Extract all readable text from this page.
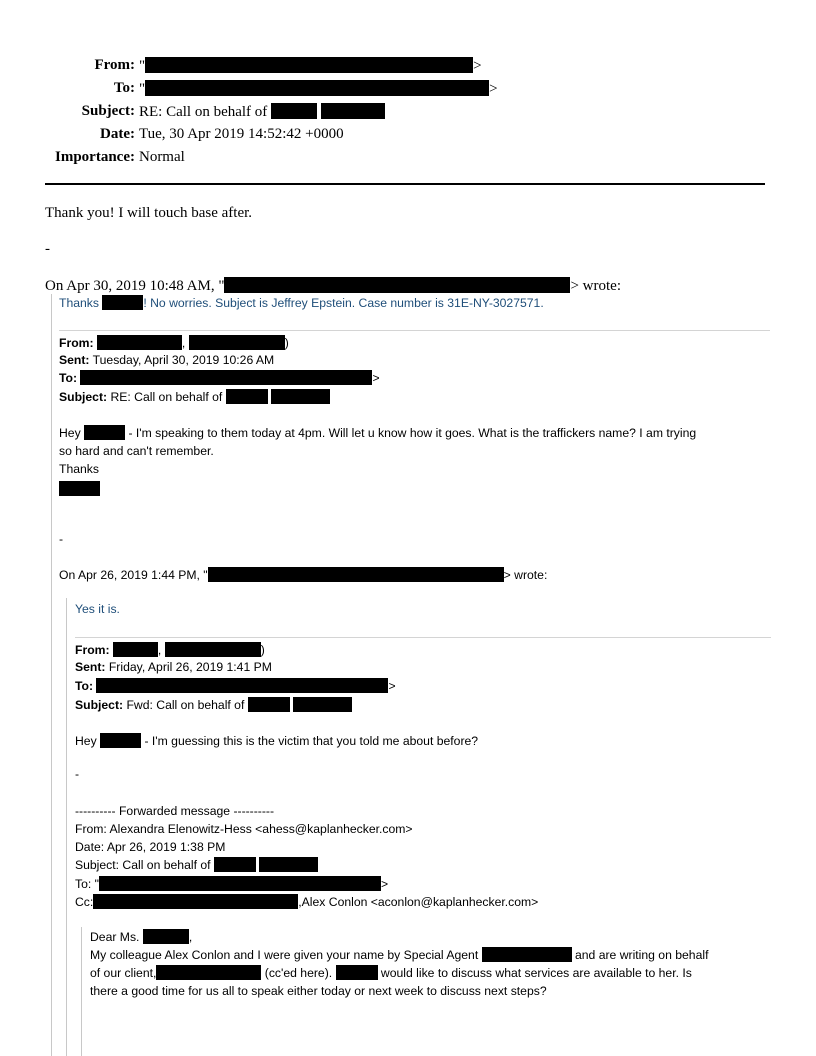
From:	" >
To:	" >
Subject:	RE: Call on behalf of
Date:	Tue, 30 Apr 2019 14:52:42 +0000
Importance:	Normal
Thank you! I will touch base after.
-
On Apr 30, 2019 10:48 AM, "	> wrote:
Thanks	! No worries. Subject is Jeffrey Epstein. Case number is 31E-NY-3027571.
From:	,	)
Sent: Tuesday, April 30, 2019 10:26 AM
To:	>
Subject: RE: Call on behalf of
Hey	- I'm speaking to them today at 4pm. Will let u know how it goes. What is the traffickers name? I am trying
so hard and can't remember.
Thanks
-
On Apr 26, 2019 1:44 PM, "	> wrote:
Yes it is.
From:	,	)
Sent: Friday, April 26, 2019 1:41 PM
To:	>
Subject: Fwd: Call on behalf of
Hey	- I'm guessing this is the victim that you told me about before?
-
---------- Forwarded message ----------
From: Alexandra Elenowitz-Hess <ahess@kaplanhecker.com>
Date: Apr 26, 2019 1:38 PM
Subject: Call on behalf of
To: "	>
Cc:	,Alex Conlon <aconlon@kaplanhecker.com>
Dear Ms.	,
My colleague Alex Conlon and I were given your name by Special Agent	and are writing on behalf
of our client,	(cc'ed here).	would like to discuss what services are available to her. Is
there a good time for us all to speak either today or next week to discuss next steps?
